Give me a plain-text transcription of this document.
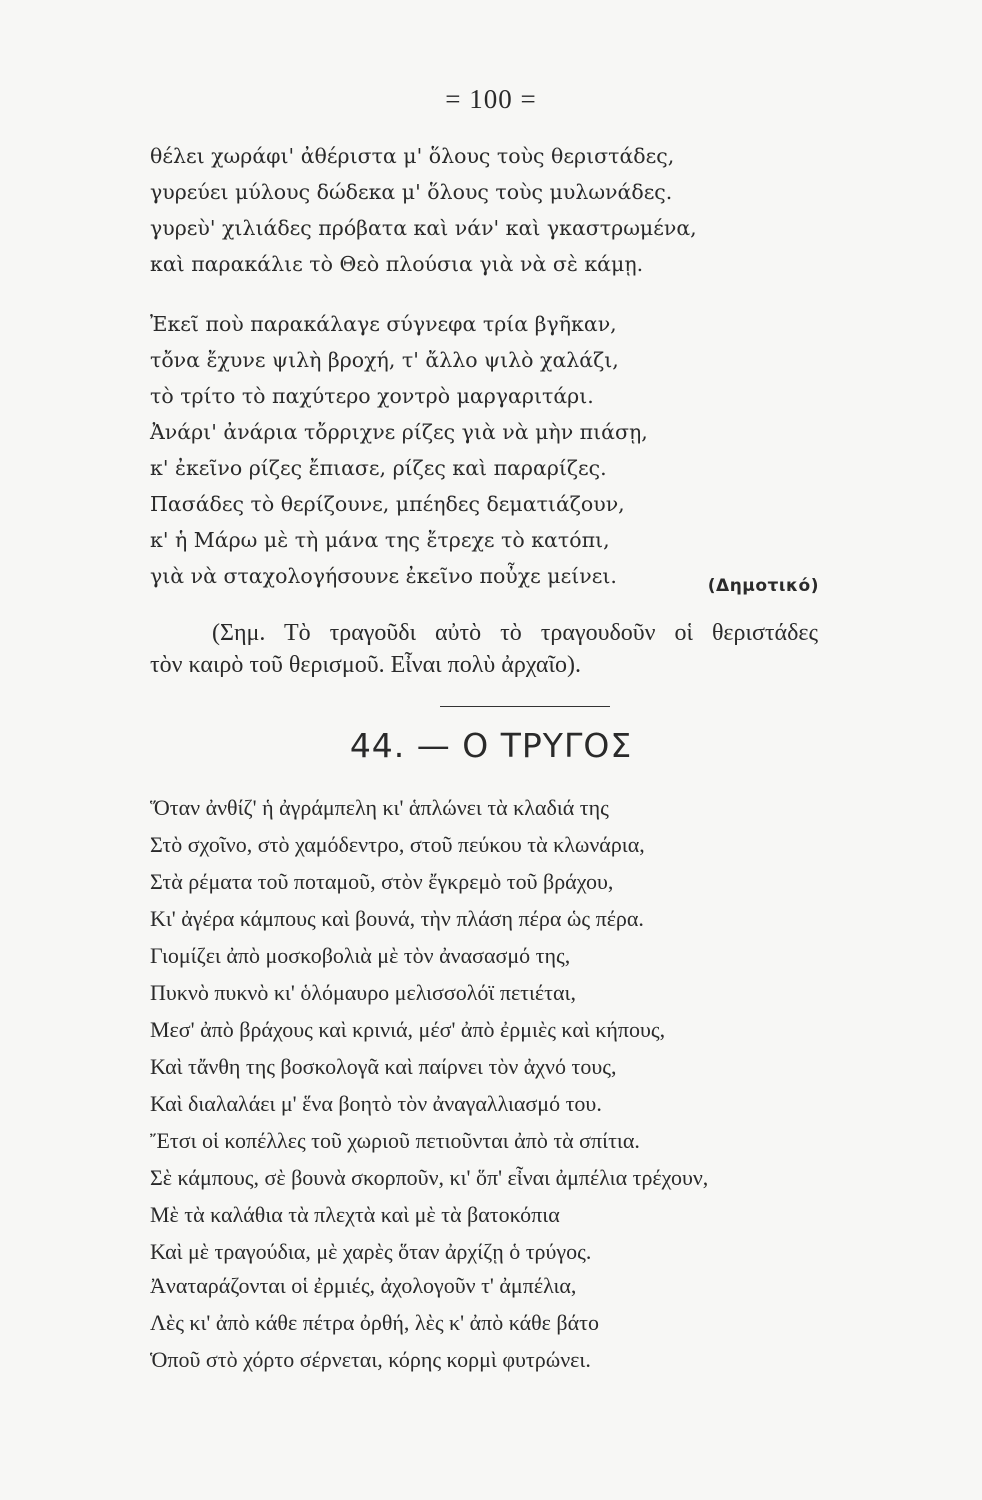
= 100 =
θέλει χωράφι' ἀθέριστα μ' ὅλους τοὺς θεριστάδες,
γυρεύει μύλους δώδεκα μ' ὅλους τοὺς μυλωνάδες.
γυρεὺ' χιλιάδες πρόβατα καὶ νάν' καὶ γκαστρωμένα,
καὶ παρακάλιε τὸ Θεὸ πλούσια γιὰ νὰ σὲ κάμῃ.
Ἐκεῖ ποὺ παρακάλαγε σύγνεφα τρία βγῆκαν,
τὄνα ἔχυνε ψιλὴ βροχή, τ' ἄλλο ψιλὸ χαλάζι,
τὸ τρίτο τὸ παχύτερο χοντρὸ μαργαριτάρι.
Ἀνάρι' ἀνάρια τὄρριχνε ρίζες γιὰ νὰ μὴν πιάσῃ,
κ' ἐκεῖνο ρίζες ἔπιασε, ρίζες καὶ παραρίζες.
Πασάδες τὸ θερίζουνε, μπέηδες δεματιάζουν,
κ' ἡ Μάρω μὲ τὴ μάνα της ἔτρεχε τὸ κατόπι,
γιὰ νὰ σταχολογήσουνε ἐκεῖνο ποὖχε μείνει.	(Δημοτικό)
(Σημ. Τὸ τραγοῦδι αὐτὸ τὸ τραγουδοῦν οἱ θεριστάδες
τὸν καιρὸ τοῦ θερισμοῦ. Εἶναι πολὺ ἀρχαῖο).
44. — Ο ΤΡΥΓΟΣ
Ὅταν ἀνθίζ' ἡ ἀγράμπελη κι' ἁπλώνει τὰ κλαδιά της
Στὸ σχοῖνο, στὸ χαμόδεντρο, στοῦ πεύκου τὰ κλωνάρια,
Στὰ ρέματα τοῦ ποταμοῦ, στὸν ἔγκρεμὸ τοῦ βράχου,
Κι' ἀγέρα κάμπους καὶ βουνά, τὴν πλάση πέρα ὡς πέρα.
Γιομίζει ἀπὸ μοσκοβολιὰ μὲ τὸν ἀνασασμό της,
Πυκνὸ πυκνὸ κι' ὁλόμαυρο μελισσολόϊ πετιέται,
Μεσ' ἀπὸ βράχους καὶ κρινιά, μέσ' ἀπὸ ἐρμιὲς καὶ κήπους,
Καὶ τἄνθη της βοσκολογᾶ καὶ παίρνει τὸν ἀχνό τους,
Καὶ διαλαλάει μ' ἕνα βοητὸ τὸν ἀναγαλλιασμό του.
Ἔτσι οἱ κοπέλλες τοῦ χωριοῦ πετιοῦνται ἀπὸ τὰ σπίτια.
Σὲ κάμπους, σὲ βουνὰ σκορποῦν, κι' ὅπ' εἶναι ἀμπέλια τρέχουν,
Μὲ τὰ καλάθια τὰ πλεχτὰ καὶ μὲ τὰ βατοκόπια
Καὶ μὲ τραγούδια, μὲ χαρὲς ὅταν ἀρχίζῃ ὁ τρύγος.
Ἀναταράζονται οἱ ἐρμιές, ἀχολογοῦν τ' ἀμπέλια,
Λὲς κι' ἀπὸ κάθε πέτρα ὀρθή, λὲς κ' ἀπὸ κάθε βάτο
Ὁποῦ στὸ χόρτο σέρνεται, κόρης κορμὶ φυτρώνει.
